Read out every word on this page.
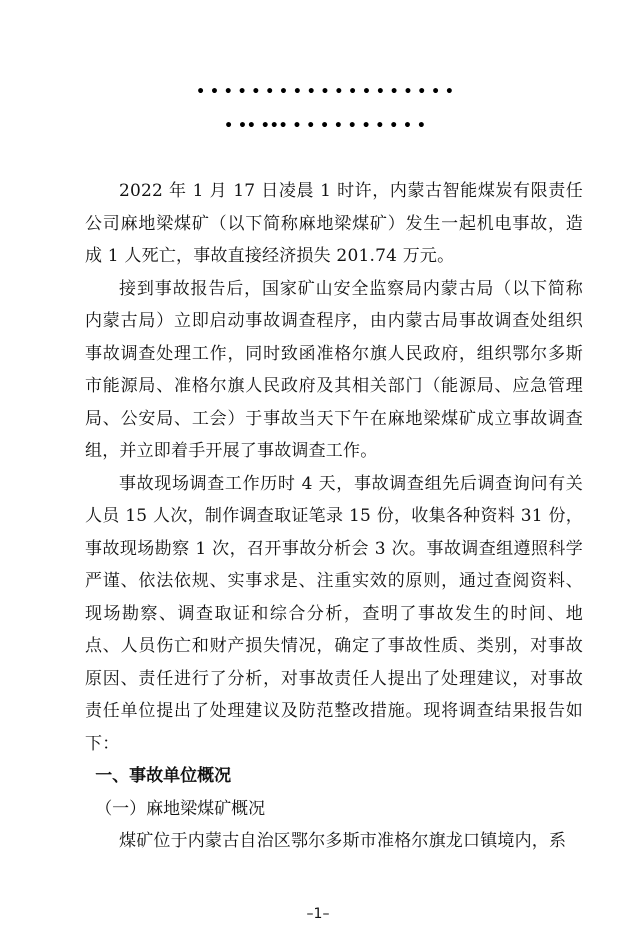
• • • • • • • • • • • • • • • • • • •
• •• ••• • • • • • • • • • •

2022 年 1 月 17 日凌晨 1 时许，内蒙古智能煤炭有限责任公司麻地梁煤矿（以下简称麻地梁煤矿）发生一起机电事故，造成 1 人死亡，事故直接经济损失 201.74 万元。

接到事故报告后，国家矿山安全监察局内蒙古局（以下简称内蒙古局）立即启动事故调查程序，由内蒙古局事故调查处组织事故调查处理工作，同时致函准格尔旗人民政府，组织鄂尔多斯市能源局、准格尔旗人民政府及其相关部门（能源局、应急管理局、公安局、工会）于事故当天下午在麻地梁煤矿成立事故调查组，并立即着手开展了事故调查工作。

事故现场调查工作历时 4 天，事故调查组先后调查询问有关人员 15 人次，制作调查取证笔录 15 份，收集各种资料 31 份，事故现场勘察 1 次，召开事故分析会 3 次。事故调查组遵照科学严谨、依法依规、实事求是、注重实效的原则，通过查阅资料、现场勘察、调查取证和综合分析，查明了事故发生的时间、地点、人员伤亡和财产损失情况，确定了事故性质、类别，对事故原因、责任进行了分析，对事故责任人提出了处理建议，对事故责任单位提出了处理建议及防范整改措施。现将调查结果报告如下：

一、事故单位概况

（一）麻地梁煤矿概况

煤矿位于内蒙古自治区鄂尔多斯市准格尔旗龙口镇境内，系

–1–
